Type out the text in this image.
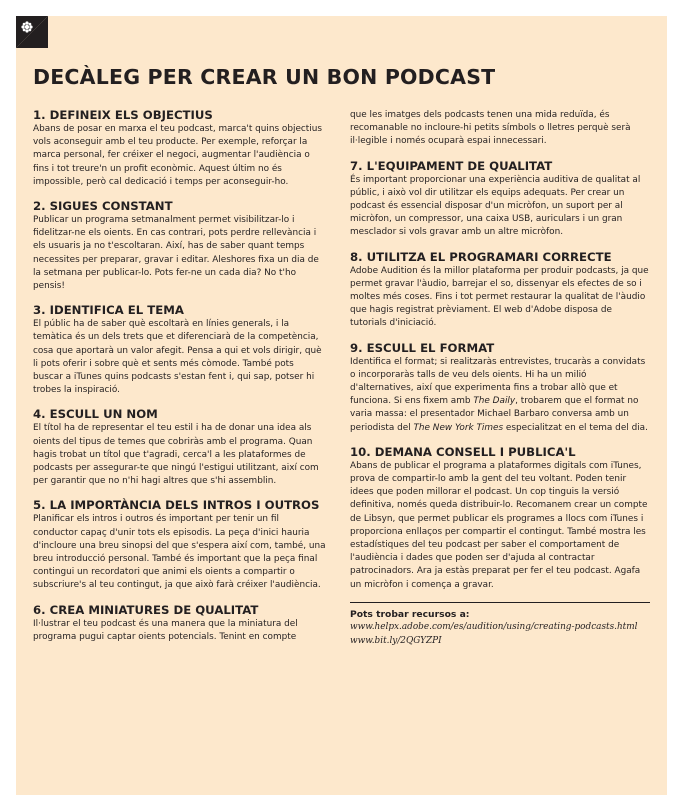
DECÀLEG PER CREAR UN BON PODCAST
1. DEFINEIX ELS OBJECTIUS

Abans de posar en marxa el teu podcast, marca't quins objectius vols aconseguir amb el teu producte. Per exemple, reforçar la marca personal, fer créixer el negoci, augmentar l'audiència o fins i tot treure'n un profit econòmic. Aquest últim no és impossible, però cal dedicació i temps per aconseguir-ho.

2. SIGUES CONSTANT

Publicar un programa setmanalment permet visibilitzar-lo i fidelitzar-ne els oients. En cas contrari, pots perdre rellevància i els usuaris ja no t'escoltaran. Així, has de saber quant temps necessites per preparar, gravar i editar. Aleshores fixa un dia de la setmana per publicar-lo. Pots fer-ne un cada dia? No t'ho pensis!

3. IDENTIFICA EL TEMA

El públic ha de saber què escoltarà en línies generals, i la temàtica és un dels trets que et diferenciarà de la competència, cosa que aportarà un valor afegit. Pensa a qui et vols dirigir, què li pots oferir i sobre què et sents més còmode. També pots buscar a iTunes quins podcasts s'estan fent i, qui sap, potser hi trobes la inspiració.

4. ESCULL UN NOM

El títol ha de representar el teu estil i ha de donar una idea als oients del tipus de temes que cobriràs amb el programa. Quan hagis trobat un títol que t'agradi, cerca'l a les plataformes de podcasts per assegurar-te que ningú l'estigui utilitzant, així com per garantir que no n'hi hagi altres que s'hi assemblin.

5. LA IMPORTÀNCIA DELS INTROS I OUTROS

Planificar els intros i outros és important per tenir un fil conductor capaç d'unir tots els episodis. La peça d'inici hauria d'incloure una breu sinopsi del que s'espera així com, també, una breu introducció personal. També és important que la peça final contingui un recordatori que animi els oients a compartir o subscriure's al teu contingut, ja que això farà créixer l'audiència.

6. CREA MINIATURES DE QUALITAT

Il·lustrar el teu podcast és una manera que la miniatura del programa pugui captar oients potencials. Tenint en compte

que les imatges dels podcasts tenen una mida reduïda, és recomanable no incloure-hi petits símbols o lletres perquè serà il·legible i només ocuparà espai innecessari.

7. L'EQUIPAMENT DE QUALITAT

És important proporcionar una experiència auditiva de qualitat al públic, i això vol dir utilitzar els equips adequats. Per crear un podcast és essencial disposar d'un micròfon, un suport per al micròfon, un compressor, una caixa USB, auriculars i un gran mesclador si vols gravar amb un altre micròfon.

8. UTILITZA EL PROGRAMARI CORRECTE

Adobe Audition és la millor plataforma per produir podcasts, ja que permet gravar l'àudio, barrejar el so, dissenyar els efectes de so i moltes més coses. Fins i tot permet restaurar la qualitat de l'àudio que hagis registrat prèviament. El web d'Adobe disposa de tutorials d'iniciació.

9. ESCULL EL FORMAT

Identifica el format; si realitzaràs entrevistes, trucaràs a convidats o incorporaràs talls de veu dels oients. Hi ha un milió d'alternatives, així que experimenta fins a trobar allò que et funciona. Si ens fixem amb The Daily, trobarem que el format no varia massa: el presentador Michael Barbaro conversa amb un periodista del The New York Times especialitzat en el tema del dia.

10. DEMANA CONSELL I PUBLICA'L

Abans de publicar el programa a plataformes digitals com iTunes, prova de compartir-lo amb la gent del teu voltant. Poden tenir idees que poden millorar el podcast. Un cop tinguis la versió definitiva, només queda distribuir-lo. Recomanem crear un compte de Libsyn, que permet publicar els programes a llocs com iTunes i proporciona enllaços per compartir el contingut. També mostra les estadístiques del teu podcast per saber el comportament de l'audiència i dades que poden ser d'ajuda al contractar patrocinadors. Ara ja estàs preparat per fer el teu podcast. Agafa un micròfon i comença a gravar.

Pots trobar recursos a:

www.helpx.adobe.com/es/audition/using/creating-podcasts.html

www.bit.ly/2QGYZPI
